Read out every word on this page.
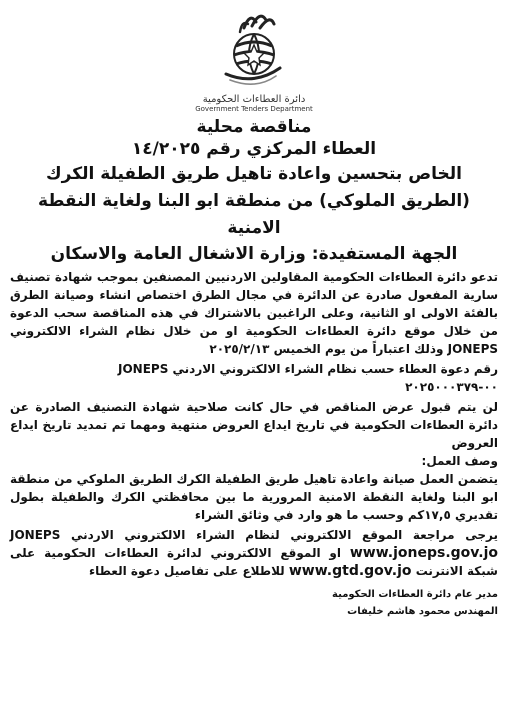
دائرة العطاءات الحكومية
Government Tenders Department
مناقصة محلية
العطاء المركزي رقم ١٤/٢٠٢٥
الخاص بتحسين واعادة تاهيل طريق الطفيلة الكرك (الطريق الملوكي) من منطقة ابو البنا ولغاية النقطة الامنية
الجهة المستفيدة: وزارة الاشغال العامة والاسكان

تدعو دائرة العطاءات الحكومية المقاولين الاردنيين المصنفين بموجب شهادة تصنيف سارية المفعول صادرة عن الدائرة في مجال الطرق اختصاص انشاء وصيانة الطرق بالفئة الاولى او الثانية، وعلى الراغبين بالاشتراك في هذه المناقصة سحب الدعوة من خلال موقع دائرة العطاءات الحكومية او من خلال نظام الشراء الالكتروني JONEPS وذلك اعتباراً من يوم الخميس ٢٠٢٥/٢/١٣

رقم دعوة العطاء حسب نظام الشراء الالكتروني الاردني JONEPS

٠٠-٢٠٢٥٠٠٠٣٧٩

لن يتم قبول عرض المناقص في حال كانت صلاحية شهادة التصنيف الصادرة عن دائرة العطاءات الحكومية في تاريخ ايداع العروض منتهية ومهما تم تمديد تاريخ ايداع العروض

وصف العمل:

يتضمن العمل صيانة واعادة تاهيل طريق الطفيلة الكرك الطريق الملوكي من منطقة ابو البنا ولغاية النقطة الامنية المرورية ما بين محافظتي الكرك والطفيلة بطول تقديري ١٧,٥كم وحسب ما هو وارد في وثائق الشراء

يرجى مراجعة الموقع الالكتروني لنظام الشراء الالكتروني الاردني JONEPS www.joneps.gov.jo او الموقع الالكتروني لدائرة العطاءات الحكومية على شبكة الانترنت www.gtd.gov.jo للاطلاع على تفاصيل دعوة العطاء

مدير عام دائرة العطاءات الحكومية
المهندس محمود هاشم خليفات
